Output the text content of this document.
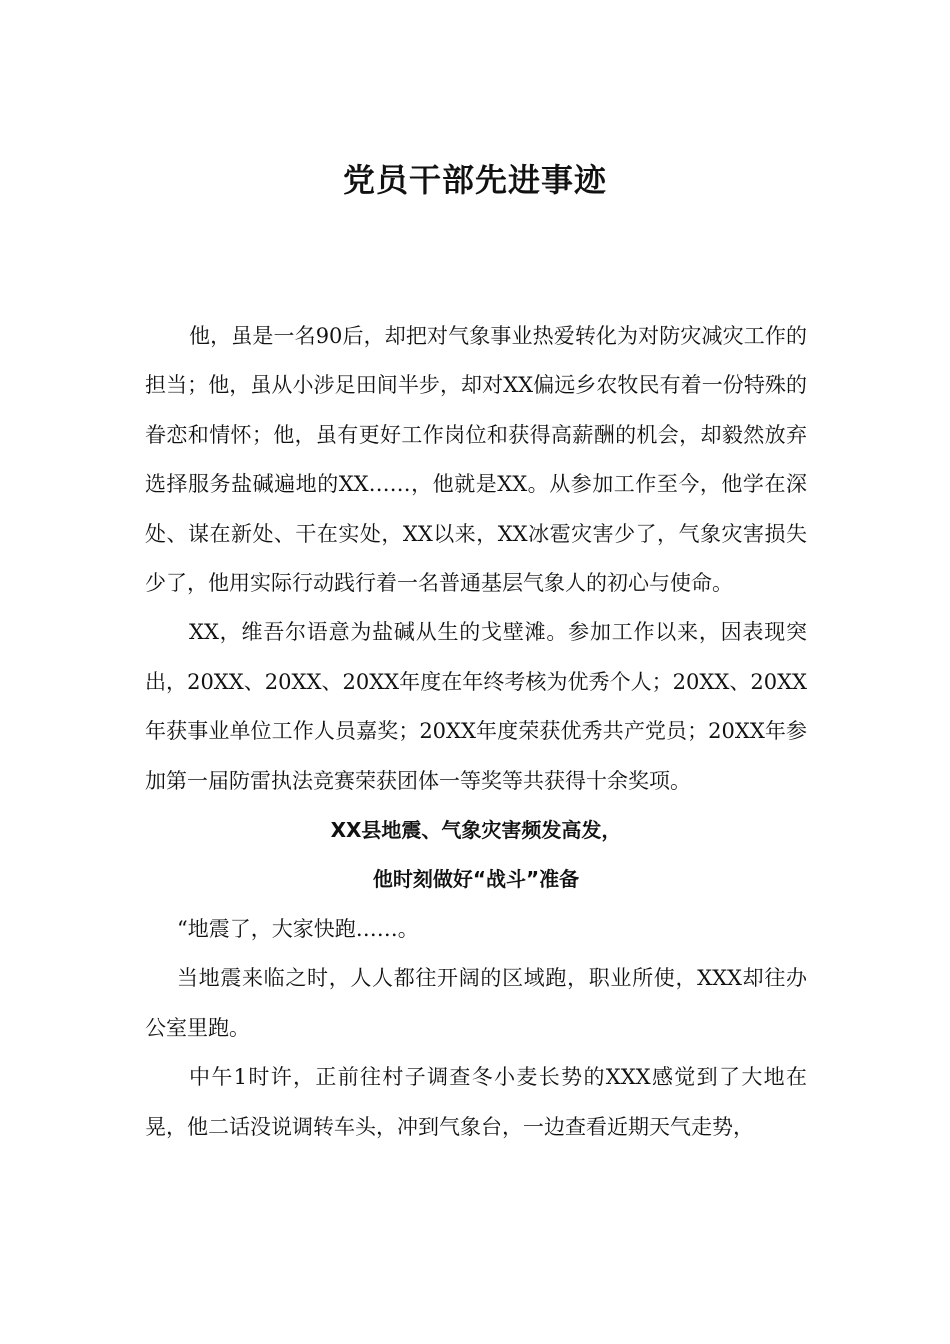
党员干部先进事迹

他，虽是一名90后，却把对气象事业热爱转化为对防灾减灾工作的担当；他，虽从小涉足田间半步，却对XX偏远乡农牧民有着一份特殊的眷恋和情怀；他，虽有更好工作岗位和获得高薪酬的机会，却毅然放弃选择服务盐碱遍地的XX……，他就是XX。从参加工作至今，他学在深处、谋在新处、干在实处，XX以来，XX冰雹灾害少了，气象灾害损失少了，他用实际行动践行着一名普通基层气象人的初心与使命。

XX，维吾尔语意为盐碱从生的戈壁滩。参加工作以来，因表现突出，20XX、20XX、20XX年度在年终考核为优秀个人；20XX、20XX年获事业单位工作人员嘉奖；20XX年度荣获优秀共产党员；20XX年参加第一届防雷执法竞赛荣获团体一等奖等共获得十余奖项。

XX县地震、气象灾害频发高发，

他时刻做好“战斗”准备

“地震了，大家快跑……。

当地震来临之时，人人都往开阔的区域跑，职业所使，XXX却往办公室里跑。

中午1时许，正前往村子调查冬小麦长势的XXX感觉到了大地在晃，他二话没说调转车头，冲到气象台，一边查看近期天气走势，
